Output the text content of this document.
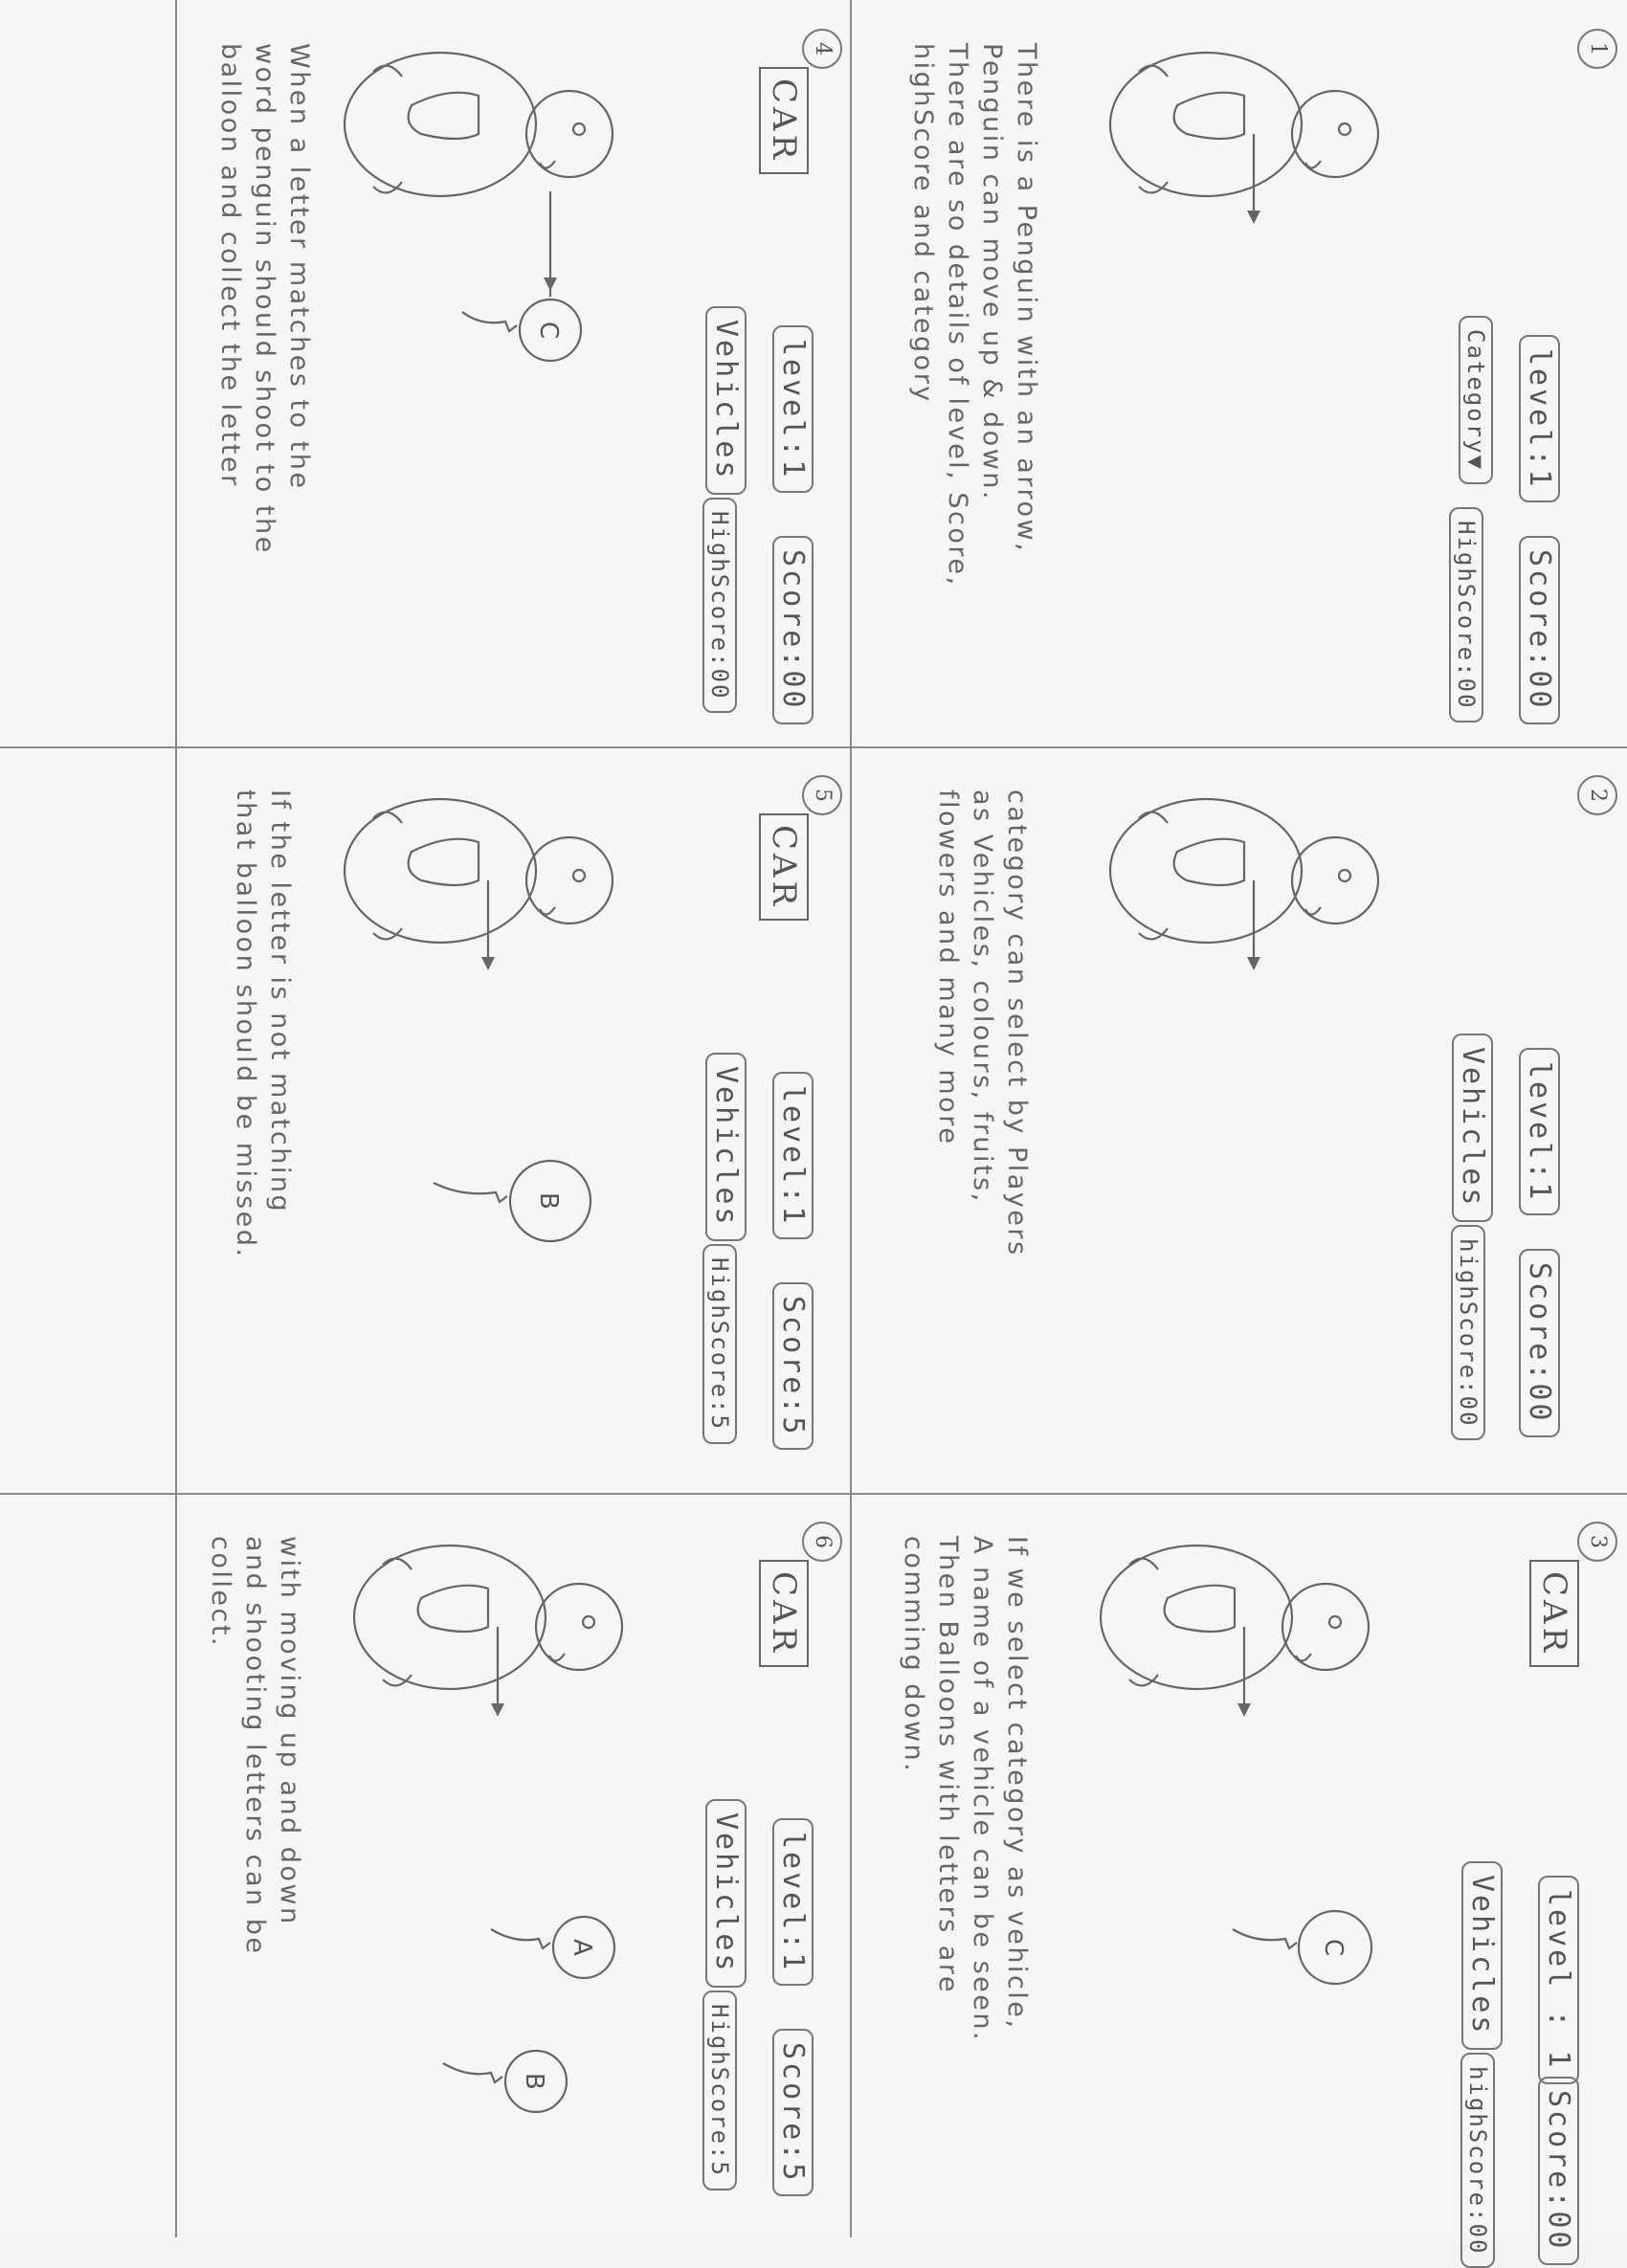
1
level:1
Score:00
Category▼
HighScore:00
There is a Penguin with an arrow,
Penguin can move up & down.
There are so details of level, Score,
highScore and category
2
level:1
Score:00
Vehicles
highScore:00
category can select by Players
as Vehicles, colours, fruits,
flowers and many more
3
CAR
level : 1
Score:00
Vehicles
highScore:00
C
If we select category as vehicle,
A name of a vehicle can be seen.
Then Balloons with letters are
comming down.
4
CAR
level:1
Score:00
Vehicles
HighScore:00
C
When a letter matches to the
word penguin should shoot to the
balloon and collect the letter
5
CAR
level:1
Score:5
Vehicles
HighScore:5
B
If the letter is not matching
that balloon should be missed.
6
CAR
level:1
Score:5
Vehicles
HighScore:5
A
B
with moving up and down
and shooting letters can be
collect.
